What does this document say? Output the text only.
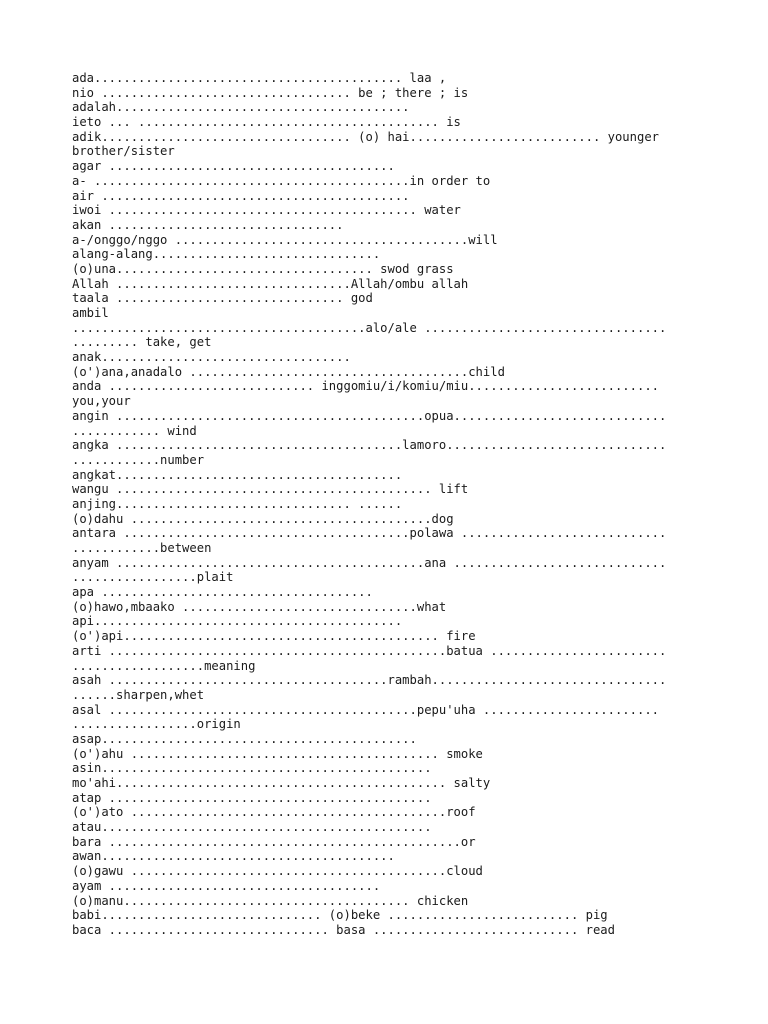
ada.......................................... laa ,
nio .................................. be ; there ; is
adalah........................................
ieto ... ......................................... is
adik.................................. (o) hai.......................... younger
brother/sister
agar .......................................
a- ...........................................in order to
air ..........................................
iwoi .......................................... water
akan ................................
a-/onggo/nggo ........................................will
alang-alang...............................
(o)una................................... swod grass
Allah ................................Allah/ombu allah
taala ............................... god
ambil
........................................alo/ale .................................
......... take, get
anak..................................
(o')ana,anadalo ......................................child
anda ............................ inggomiu/i/komiu/miu..........................
you,your
angin ..........................................opua.............................
............ wind
angka .......................................lamoro..............................
............number
angkat.......................................
wangu ........................................... lift
anjing................................ ......
(o)dahu .........................................dog
antara .......................................polawa ............................
............between
anyam ..........................................ana .............................
.................plait
apa .....................................
(o)hawo,mbaako ................................what
api..........................................
(o')api........................................... fire
arti ..............................................batua ........................
..................meaning
asah ......................................rambah................................
......sharpen,whet
asal ..........................................pepu'uha ........................
.................origin
asap...........................................
(o')ahu .......................................... smoke
asin.............................................
mo'ahi............................................. salty
atap ............................................
(o')ato ...........................................roof
atau.............................................
bara ................................................or
awan........................................
(o)gawu ...........................................cloud
ayam .....................................
(o)manu....................................... chicken
babi.............................. (o)beke .......................... pig
baca .............................. basa ............................ read
